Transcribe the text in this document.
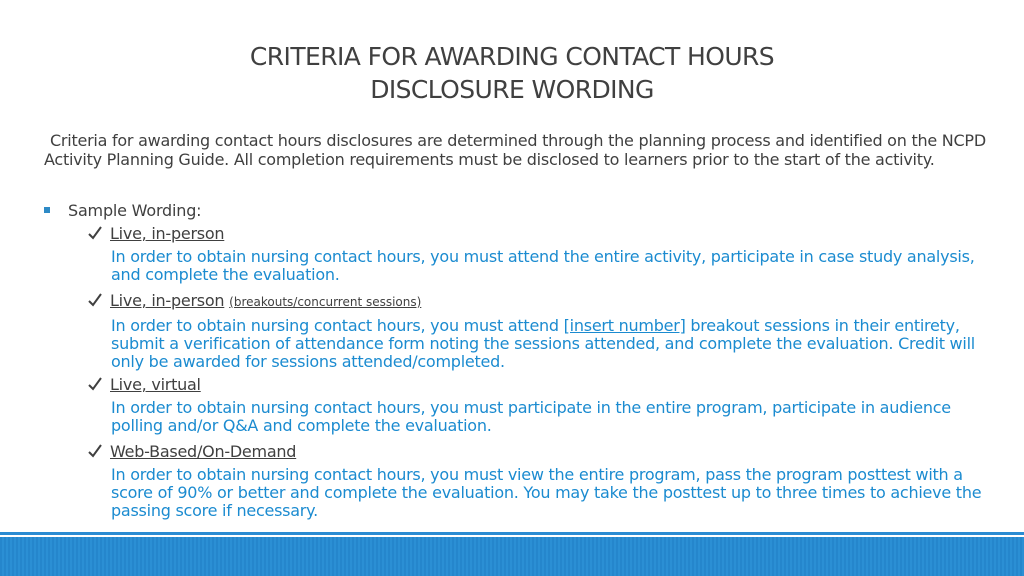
CRITERIA FOR AWARDING CONTACT HOURS
DISCLOSURE WORDING
Criteria for awarding contact hours disclosures are determined through the planning process and identified on the NCPD Activity Planning Guide. All completion requirements must be disclosed to learners prior to the start of the activity.
Sample Wording:
Live, in-person
In order to obtain nursing contact hours, you must attend the entire activity, participate in case study analysis, and complete the evaluation.
Live, in-person (breakouts/concurrent sessions)
In order to obtain nursing contact hours, you must attend [insert number] breakout sessions in their entirety, submit a verification of attendance form noting the sessions attended, and complete the evaluation. Credit will only be awarded for sessions attended/completed.
Live, virtual
In order to obtain nursing contact hours, you must participate in the entire program, participate in audience polling and/or Q&A and complete the evaluation.
Web-Based/On-Demand
In order to obtain nursing contact hours, you must view the entire program, pass the program posttest with a score of 90% or better and complete the evaluation. You may take the posttest up to three times to achieve the passing score if necessary.
